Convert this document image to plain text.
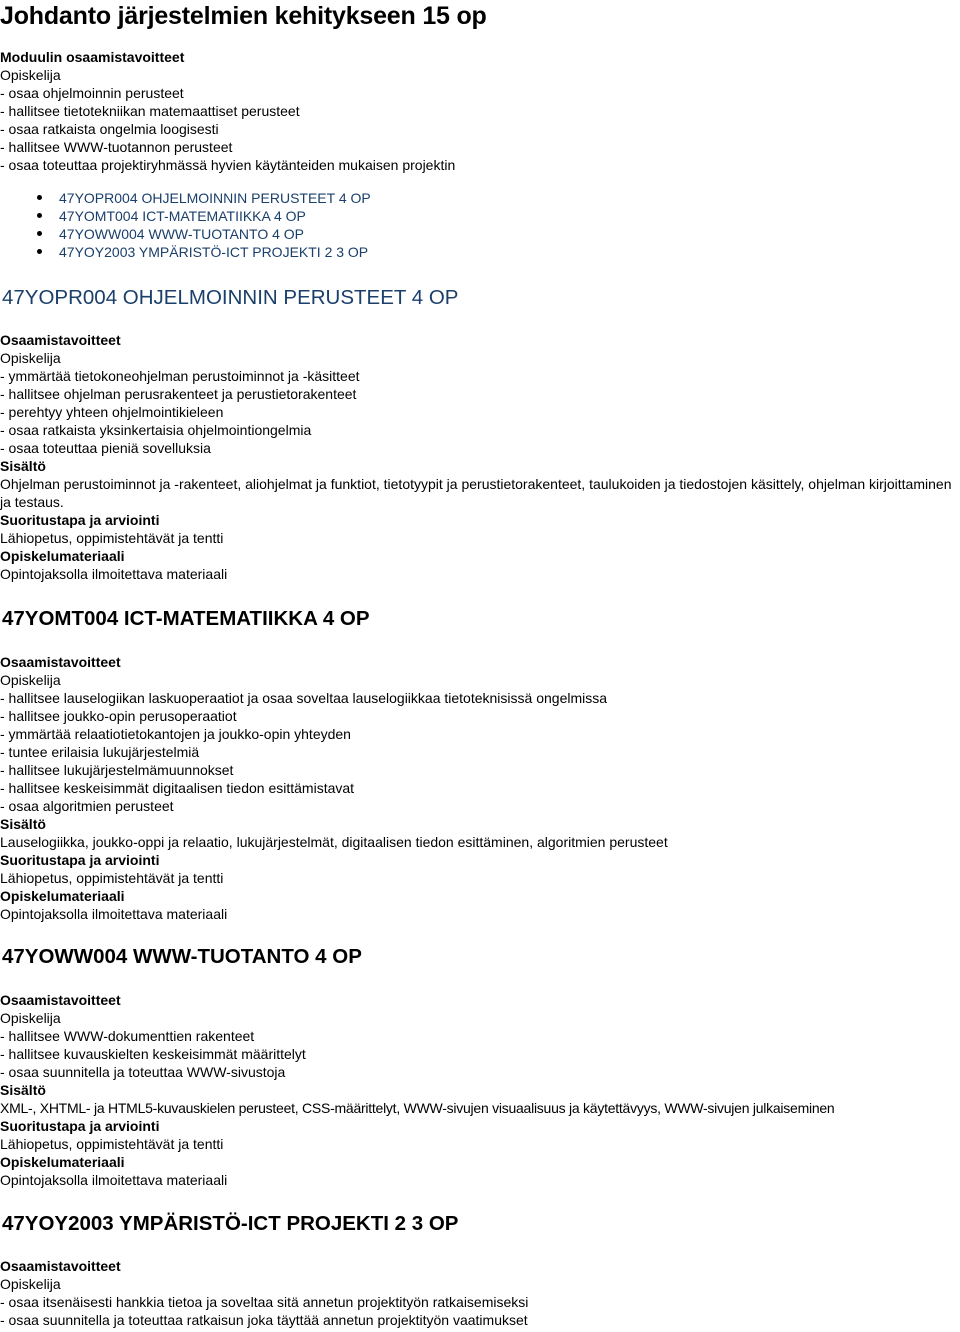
Johdanto järjestelmien kehitykseen 15 op
Moduulin osaamistavoitteet
Opiskelija
- osaa ohjelmoinnin perusteet
- hallitsee tietotekniikan matemaattiset perusteet
- osaa ratkaista ongelmia loogisesti
- hallitsee WWW-tuotannon perusteet
- osaa toteuttaa projektiryhmässä hyvien käytänteiden mukaisen projektin
47YOPR004 OHJELMOINNIN PERUSTEET 4 OP
47YOMT004 ICT-MATEMATIIKKA 4 OP
47YOWW004 WWW-TUOTANTO 4 OP
47YOY2003 YMPÄRISTÖ-ICT PROJEKTI 2 3 OP
47YOPR004 OHJELMOINNIN PERUSTEET 4 OP
Osaamistavoitteet
Opiskelija
- ymmärtää tietokoneohjelman perustoiminnot ja -käsitteet
- hallitsee ohjelman perusrakenteet ja perustietorakenteet
- perehtyy yhteen ohjelmointikieleen
- osaa ratkaista yksinkertaisia ohjelmointiongelmia
- osaa toteuttaa pieniä sovelluksia
Sisältö
Ohjelman perustoiminnot ja -rakenteet, aliohjelmat ja funktiot, tietotyypit ja perustietorakenteet, taulukoiden ja tiedostojen käsittely, ohjelman kirjoittaminen ja testaus.
Suoritustapa ja arviointi
Lähiopetus, oppimistehtävät ja tentti
Opiskelumateriaali
Opintojaksolla ilmoitettava materiaali
47YOMT004 ICT-MATEMATIIKKA 4 OP
Osaamistavoitteet
Opiskelija
- hallitsee lauselogiikan laskuoperaatiot ja osaa soveltaa lauselogiikkaa tietoteknisissä ongelmissa
- hallitsee joukko-opin perusoperaatiot
- ymmärtää relaatiotietokantojen ja joukko-opin yhteyden
- tuntee erilaisia lukujärjestelmiä
- hallitsee lukujärjestelmämuunnokset
- hallitsee keskeisimmät digitaalisen tiedon esittämistavat
- osaa algoritmien perusteet
Sisältö
Lauselogiikka, joukko-oppi ja relaatio, lukujärjestelmät, digitaalisen tiedon esittäminen, algoritmien perusteet
Suoritustapa ja arviointi
Lähiopetus, oppimistehtävät ja tentti
Opiskelumateriaali
Opintojaksolla ilmoitettava materiaali
47YOWW004 WWW-TUOTANTO 4 OP
Osaamistavoitteet
Opiskelija
- hallitsee WWW-dokumenttien rakenteet
- hallitsee kuvauskielten keskeisimmät määrittelyt
- osaa suunnitella ja toteuttaa WWW-sivustoja
Sisältö
XML-, XHTML- ja HTML5-kuvauskielen perusteet, CSS-määrittelyt, WWW-sivujen visuaalisuus ja käytettävyys, WWW-sivujen julkaiseminen
Suoritustapa ja arviointi
Lähiopetus, oppimistehtävät ja tentti
Opiskelumateriaali
Opintojaksolla ilmoitettava materiaali
47YOY2003 YMPÄRISTÖ-ICT PROJEKTI 2 3 OP
Osaamistavoitteet
Opiskelija
- osaa itsenäisesti hankkia tietoa ja soveltaa sitä annetun projektityön ratkaisemiseksi
- osaa suunnitella ja toteuttaa ratkaisun joka täyttää annetun projektityön vaatimukset
